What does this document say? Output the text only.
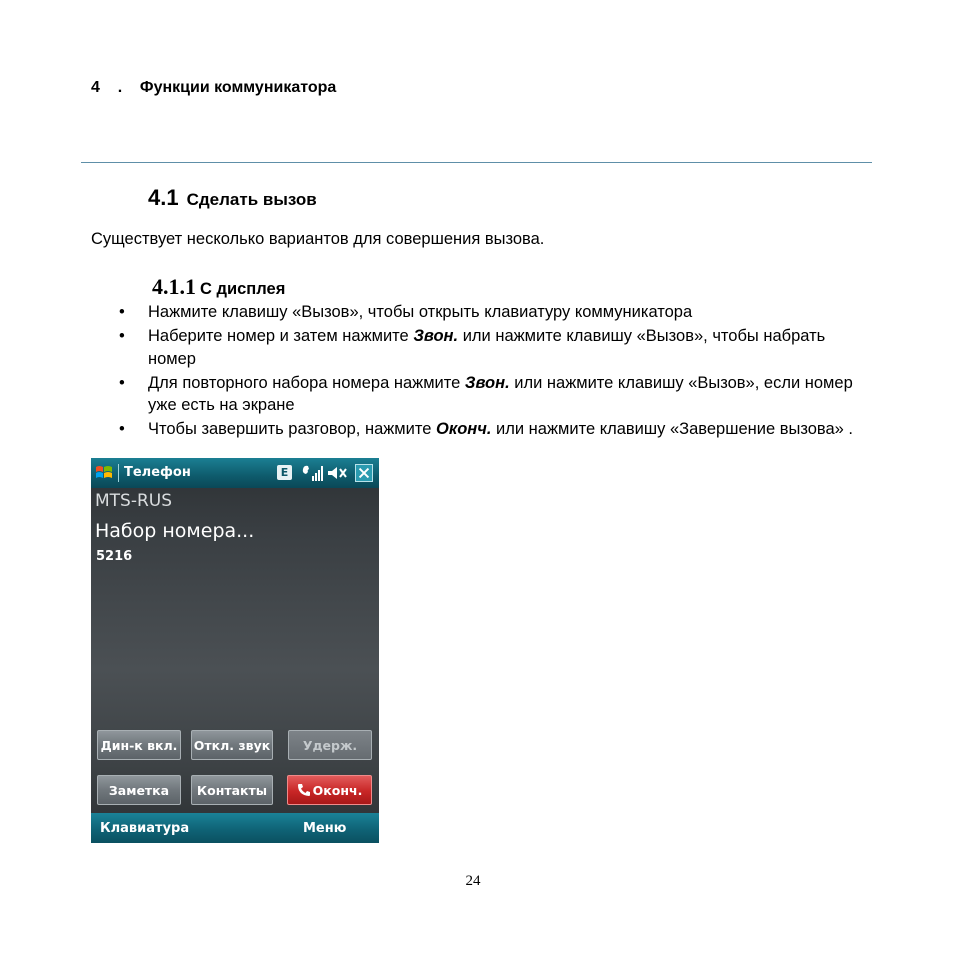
4 . Функции коммуникатора
4.1 Сделать вызов
Существует несколько вариантов для совершения вызова.
4.1.1 С дисплея
• Нажмите клавишу «Вызов», чтобы открыть клавиатуру коммуникатора
• Наберите номер и затем нажмите Звон. или нажмите клавишу «Вызов», чтобы набрать номер
• Для повторного набора номера нажмите Звон. или нажмите клавишу «Вызов», если номер уже есть на экране
• Чтобы завершить разговор, нажмите Оконч. или нажмите клавишу «Завершение вызова» .
Телефон	E
MTS-RUS
Набор номера...
5216
Дин-к вкл. Откл. звук	Удерж.
Заметка	Контакты	Оконч.
Клавиатура	Меню
24
